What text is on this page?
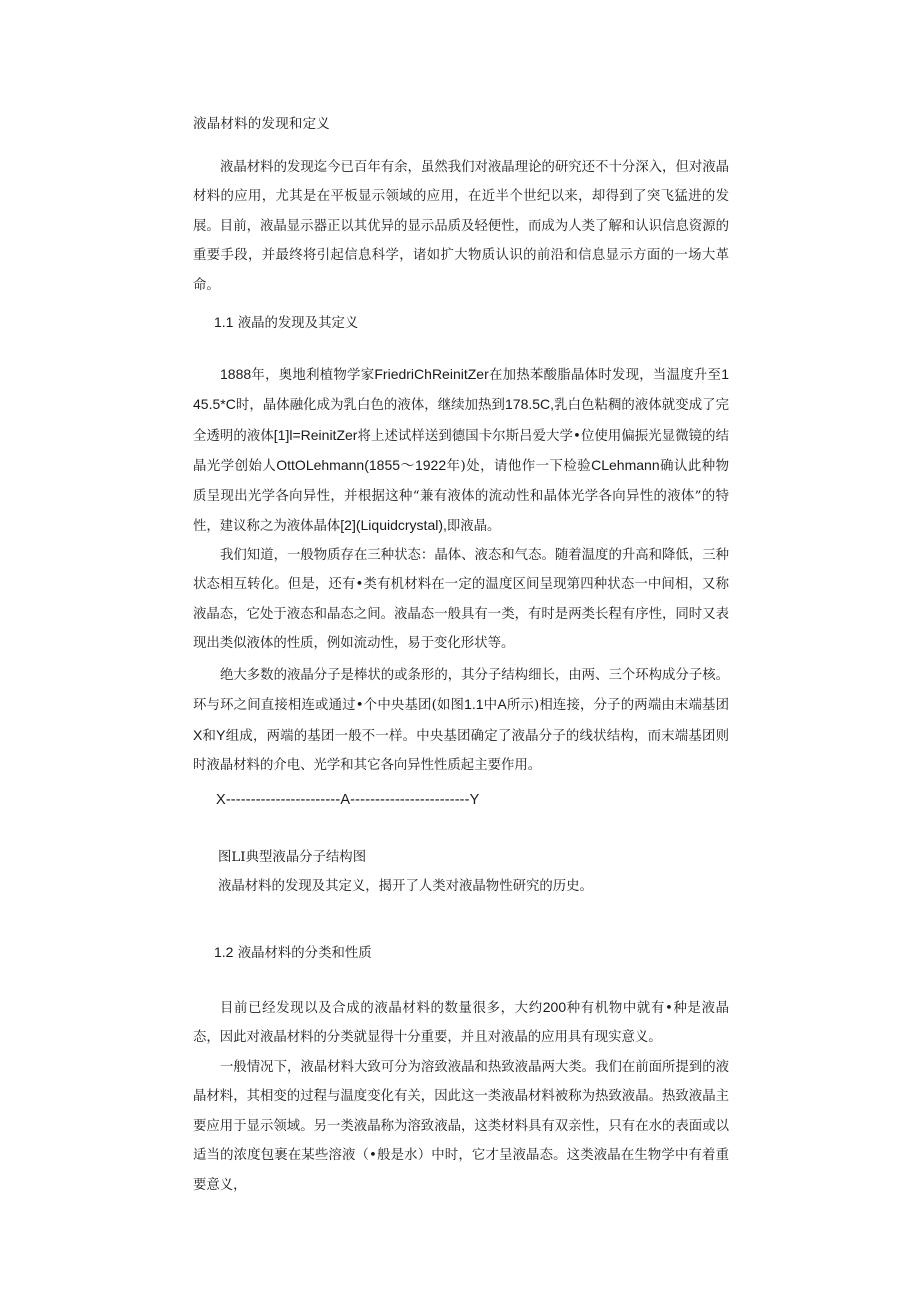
液晶材料的发现和定义

液晶材料的发现迄今已百年有余，虽然我们对液晶理论的研究还不十分深入，但对液晶材料的应用，尤其是在平板显示领域的应用，在近半个世纪以来，却得到了突飞猛进的发展。目前，液晶显示器正以其优异的显示品质及轻便性，而成为人类了解和认识信息资源的重要手段，并最终将引起信息科学，诸如扩大物质认识的前沿和信息显示方面的一场大革命。

1.1 液晶的发现及其定义

1888年，奥地利植物学家FriedriChReinitZer在加热苯酸脂晶体时发现，当温度升至145.5*C时，晶体融化成为乳白色的液体，继续加热到178.5C,乳白色粘稠的液体就变成了完全透明的液体[1]l=ReinitZer将上述试样送到德国卡尔斯吕爱大学•位使用偏振光显微镜的结晶光学创始人OttOLehmann(1855～1922年)处，请他作一下检验CLehmann确认此种物质呈现出光学各向异性，并根据这种“兼有液体的流动性和晶体光学各向异性的液体”的特性，建议称之为液体晶体[2](Liquidcrystal),即液晶。

我们知道，一般物质存在三种状态：晶体、液态和气态。随着温度的升高和降低，三种状态相互转化。但是，还有•类有机材料在一定的温度区间呈现第四种状态一中间相，又称液晶态，它处于液态和晶态之间。液晶态一般具有一类，有时是两类长程有序性，同时又表现出类似液体的性质，例如流动性，易于变化形状等。

绝大多数的液晶分子是棒状的或条形的，其分子结构细长，由两、三个环构成分子核。环与环之间直接相连或通过•个中央基团(如图1.1中A所示)相连接，分子的两端由末端基团X和Y组成，两端的基团一般不一样。中央基团确定了液晶分子的线状结构，而末端基团则时液晶材料的介电、光学和其它各向异性性质起主要作用。

X-----------------------A------------------------Y

图LI典型液晶分子结构图

液晶材料的发现及其定义，揭开了人类对液晶物性研究的历史。

1.2 液晶材料的分类和性质

目前已经发现以及合成的液晶材料的数量很多，大约200种有机物中就有•种是液晶态，因此对液晶材料的分类就显得十分重要，并且对液晶的应用具有现实意义。

一般情况下，液晶材料大致可分为溶致液晶和热致液晶两大类。我们在前面所提到的液晶材料，其相变的过程与温度变化有关，因此这一类液晶材料被称为热致液晶。热致液晶主要应用于显示领域。另一类液晶称为溶致液晶，这类材料具有双亲性，只有在水的表面或以适当的浓度包裹在某些溶液（•般是水）中时，它才呈液晶态。这类液晶在生物学中有着重要意义，
